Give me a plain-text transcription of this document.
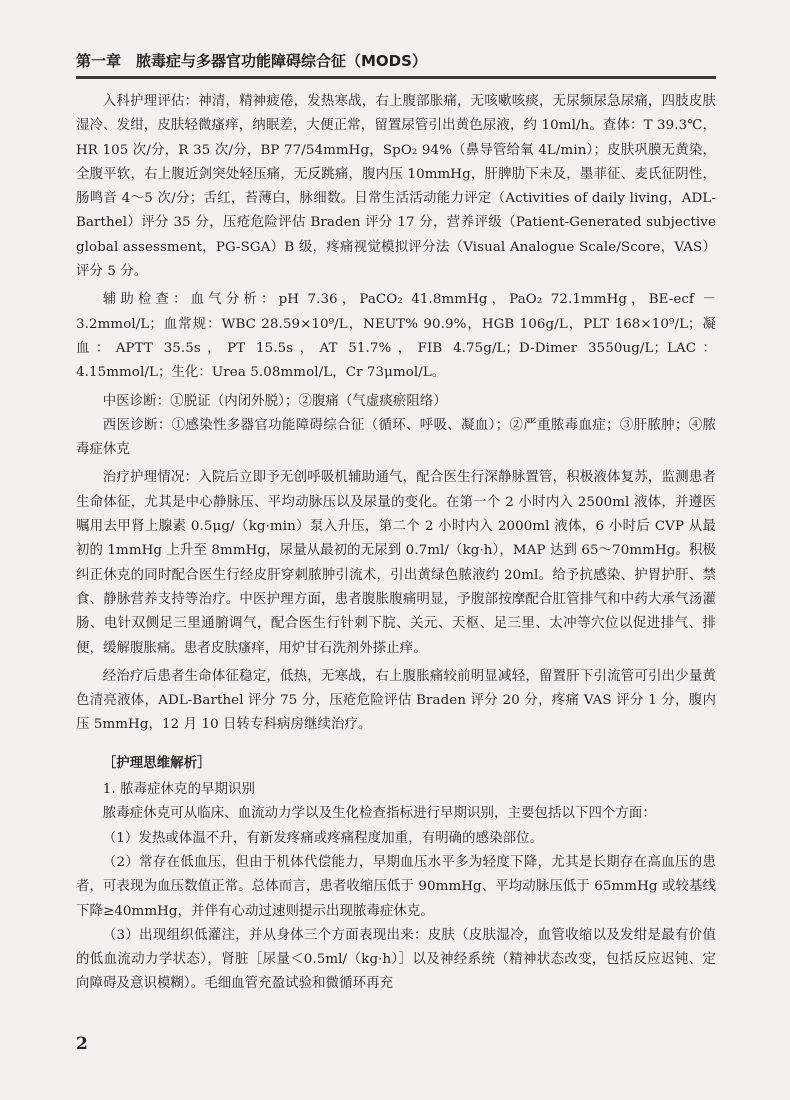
第一章　脓毒症与多器官功能障碍综合征（MODS）

入科护理评估：神清，精神疲倦，发热寒战，右上腹部胀痛，无咳嗽咳痰，无尿频尿急尿痛，四肢皮肤湿冷、发绀，皮肤轻微瘙痒，纳眠差，大便正常，留置尿管引出黄色尿液，约 10ml/h。查体：T 39.3℃，HR 105 次/分，R 35 次/分，BP 77/54mmHg，SpO₂ 94%（鼻导管给氧 4L/min）；皮肤巩膜无黄染，全腹平软，右上腹近剑突处轻压痛，无反跳痛，腹内压 10mmHg，肝脾肋下未及，墨菲征、麦氏征阴性，肠鸣音 4～5 次/分；舌红，苔薄白，脉细数。日常生活活动能力评定（Activities of daily living，ADL-Barthel）评分 35 分，压疮危险评估 Braden 评分 17 分，营养评级（Patient-Generated subjective global assessment，PG-SGA）B 级，疼痛视觉模拟评分法（Visual Analogue Scale/Score，VAS）评分 5 分。

辅助检查：血气分析：pH 7.36，PaCO₂ 41.8mmHg，PaO₂ 72.1mmHg，BE-ecf －3.2mmol/L；血常规：WBC 28.59×10⁹/L，NEUT% 90.9%，HGB 106g/L，PLT 168×10⁹/L；凝血：APTT 35.5s，PT 15.5s，AT 51.7%，FIB 4.75g/L；D-Dimer 3550ug/L；LAC：4.15mmol/L；生化：Urea 5.08mmol/L，Cr 73μmol/L。

中医诊断：①脱证（内闭外脱）；②腹痛（气虚痰瘀阻络）

西医诊断：①感染性多器官功能障碍综合征（循环、呼吸、凝血）；②严重脓毒血症；③肝脓肿；④脓毒症休克

治疗护理情况：入院后立即予无创呼吸机辅助通气，配合医生行深静脉置管，积极液体复苏，监测患者生命体征，尤其是中心静脉压、平均动脉压以及尿量的变化。在第一个 2 小时内入 2500ml 液体，并遵医嘱用去甲肾上腺素 0.5μg/（kg·min）泵入升压，第二个 2 小时内入 2000ml 液体，6 小时后 CVP 从最初的 1mmHg 上升至 8mmHg，尿量从最初的无尿到 0.7ml/（kg·h），MAP 达到 65～70mmHg。积极纠正休克的同时配合医生行经皮肝穿刺脓肿引流术，引出黄绿色脓液约 20ml。给予抗感染、护胃护肝、禁食、静脉营养支持等治疗。中医护理方面，患者腹胀腹痛明显，予腹部按摩配合肛管排气和中药大承气汤灌肠、电针双侧足三里通腑调气，配合医生行针刺下脘、关元、天枢、足三里、太冲等穴位以促进排气、排便，缓解腹胀痛。患者皮肤瘙痒，用炉甘石洗剂外搽止痒。

经治疗后患者生命体征稳定，低热，无寒战，右上腹胀痛较前明显减轻，留置肝下引流管可引出少量黄色清亮液体，ADL-Barthel 评分 75 分，压疮危险评估 Braden 评分 20 分，疼痛 VAS 评分 1 分，腹内压 5mmHg，12 月 10 日转专科病房继续治疗。

［护理思维解析］
1. 脓毒症休克的早期识别

脓毒症休克可从临床、血流动力学以及生化检查指标进行早期识别，主要包括以下四个方面：

（1）发热或体温不升，有新发疼痛或疼痛程度加重，有明确的感染部位。

（2）常存在低血压，但由于机体代偿能力，早期血压水平多为轻度下降，尤其是长期存在高血压的患者，可表现为血压数值正常。总体而言，患者收缩压低于 90mmHg、平均动脉压低于 65mmHg 或较基线下降≥40mmHg，并伴有心动过速则提示出现脓毒症休克。

（3）出现组织低灌注，并从身体三个方面表现出来：皮肤（皮肤湿冷，血管收缩以及发绀是最有价值的低血流动力学状态），肾脏［尿量＜0.5ml/（kg·h）］以及神经系统（精神状态改变，包括反应迟钝、定向障碍及意识模糊）。毛细血管充盈试验和微循环再充

2
